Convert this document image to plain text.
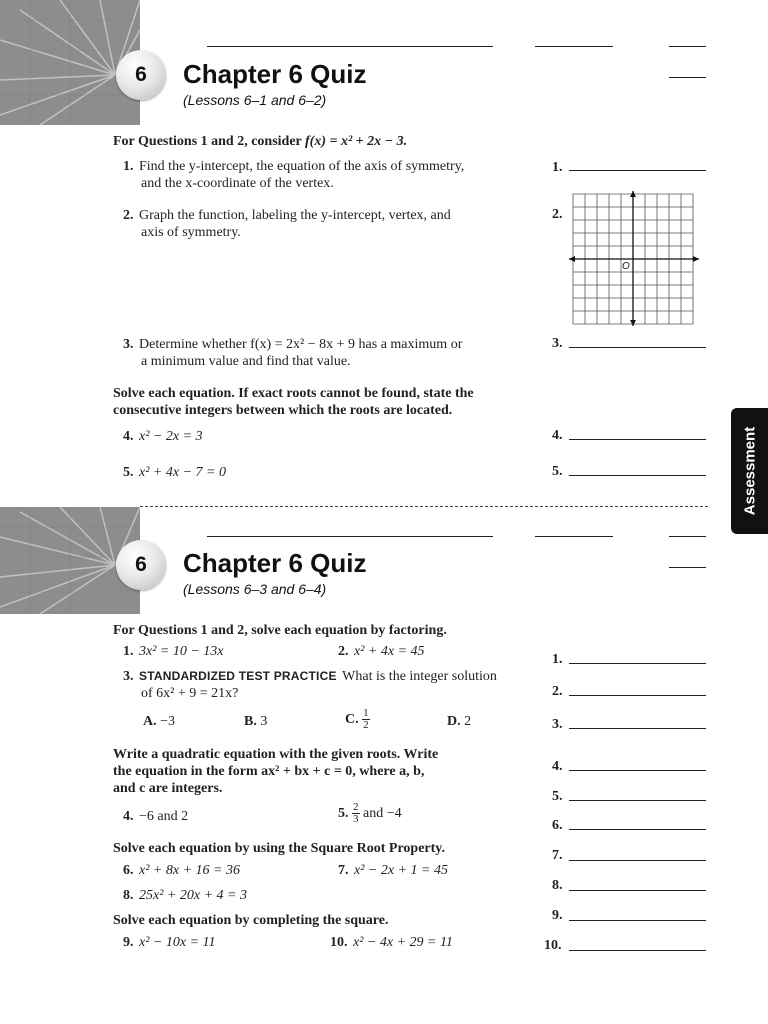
6	Chapter 6 Quiz
(Lessons 6–1 and 6–2)
For Questions 1 and 2, consider f(x) = x² + 2x − 3.
1. Find the y-intercept, the equation of the axis of symmetry,
and the x-coordinate of the vertex.
2. Graph the function, labeling the y-intercept, vertex, and
axis of symmetry.
3. Determine whether f(x) = 2x² − 8x + 9 has a maximum or
a minimum value and find that value.
Solve each equation. If exact roots cannot be found, state the
consecutive integers between which the roots are located.
4. x² − 2x = 3
5. x² + 4x − 7 = 0
1.
2.
O
3.
4.
5.	Assessment
6	Chapter 6 Quiz
(Lessons 6–3 and 6–4)
For Questions 1 and 2, solve each equation by factoring.
1. 3x² = 10 − 13x	2. x² + 4x = 45
3. STANDARDIZED TEST PRACTICE What is the integer solution
of 6x² + 9 = 21x?
A. −3	B. 3	C. $\frac{1}{2}$	D. 2
Write a quadratic equation with the given roots. Write
the equation in the form ax² + bx + c = 0, where a, b,
and c are integers.
4. −6 and 2	5. $\frac{2}{3}$ and −4
Solve each equation by using the Square Root Property.
6. x² + 8x + 16 = 36	7. x² − 2x + 1 = 45
8. 25x² + 20x + 4 = 3
Solve each equation by completing the square.
9. x² − 10x = 11	10. x² − 4x + 29 = 11
1.
2.
3.
4.
5.
6.
7.
8.
9.
10.
